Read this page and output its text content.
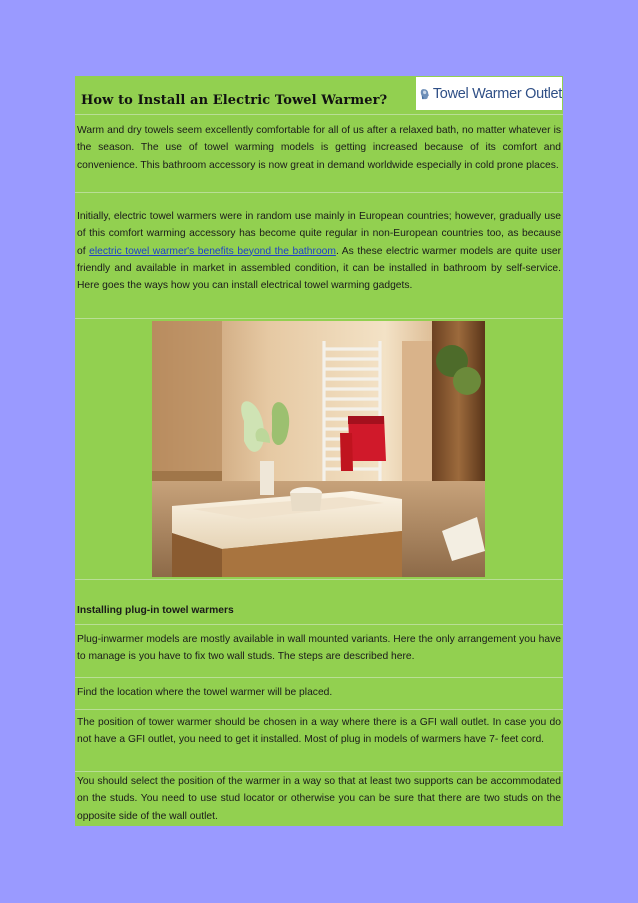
How to Install an Electric Towel Warmer?	Towel Warmer Outlet

Warm and dry towels seem excellently comfortable for all of us after a relaxed bath, no matter whatever is the season. The use of towel warming models is getting increased because of its comfort and convenience. This bathroom accessory is now great in demand worldwide especially in cold prone places.

Initially, electric towel warmers were in random use mainly in European countries; however, gradually use of this comfort warming accessory has become quite regular in non-European countries too, as because of electric towel warmer's benefits beyond the bathroom. As these electric warmer models are quite user friendly and available in market in assembled condition, it can be installed in bathroom by self-service. Here goes the ways how you can install electrical towel warming gadgets.

Installing plug-in towel warmers

Plug-inwarmer models are mostly available in wall mounted variants. Here the only arrangement you have to manage is you have to fix two wall studs. The steps are described here.

Find the location where the towel warmer will be placed.

The position of tower warmer should be chosen in a way where there is a GFI wall outlet. In case you do not have a GFI outlet, you need to get it installed. Most of plug in models of warmers have 7- feet cord.

You should select the position of the warmer in a way so that at least two supports can be accommodated on the studs. You need to use stud locator or otherwise you can be sure that there are two studs on the opposite side of the wall outlet.
